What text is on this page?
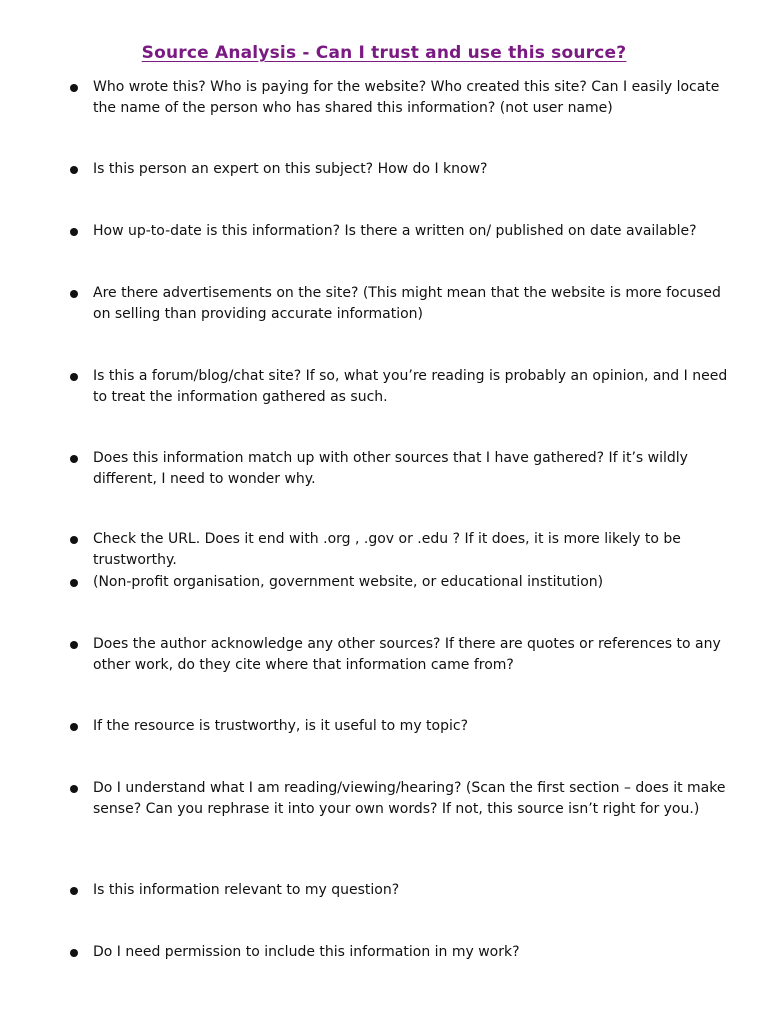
Source Analysis - Can I trust and use this source?
Who wrote this? Who is paying for the website? Who created this site? Can I easily locate the name of the person who has shared this information? (not user name)
Is this person an expert on this subject? How do I know?
How up-to-date is this information? Is there a written on/ published on date available?
Are there advertisements on the site? (This might mean that the website is more focused on selling than providing accurate information)
Is this a forum/blog/chat site? If so, what you’re reading is probably an opinion, and I need to treat the information gathered as such.
Does this information match up with other sources that I have gathered? If it’s wildly different, I need to wonder why.
Check the URL. Does it end with .org , .gov or .edu ? If it does, it is more likely to be trustworthy.
(Non-profit organisation, government website, or educational institution)
Does the author acknowledge any other sources? If there are quotes or references to any other work, do they cite where that information came from?
If the resource is trustworthy, is it useful to my topic?
Do I understand what I am reading/viewing/hearing? (Scan the first section – does it make sense? Can you rephrase it into your own words? If not, this source isn’t right for you.)
Is this information relevant to my question?
Do I need permission to include this information in my work?
